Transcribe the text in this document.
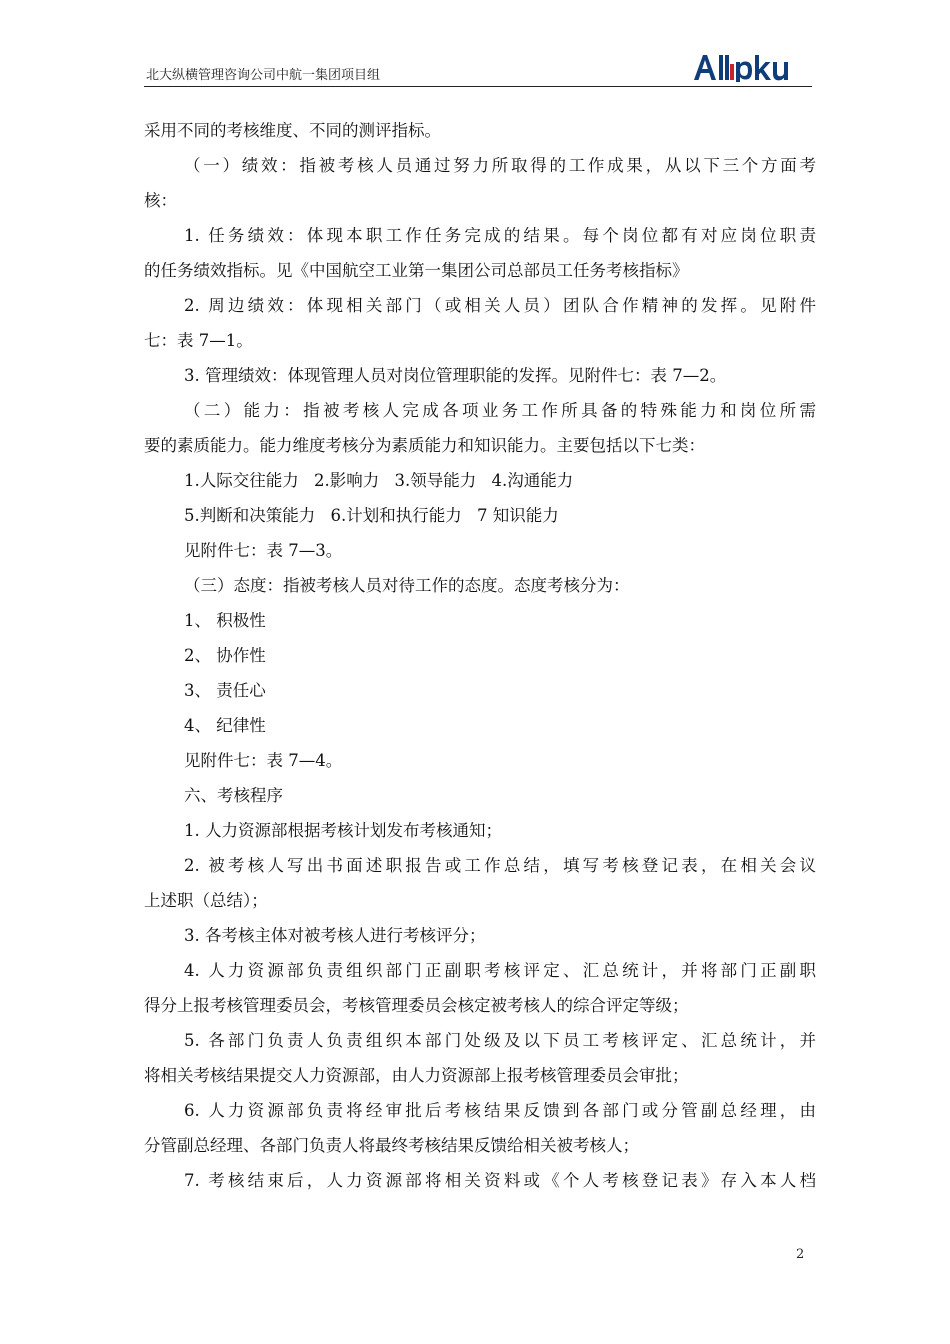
北大纵横管理咨询公司中航一集团项目组
采用不同的考核维度、不同的测评指标。
（一）绩效：指被考核人员通过努力所取得的工作成果，从以下三个方面考
核：
1. 任务绩效：体现本职工作任务完成的结果。每个岗位都有对应岗位职责
的任务绩效指标。见《中国航空工业第一集团公司总部员工任务考核指标》
2. 周边绩效：体现相关部门（或相关人员）团队合作精神的发挥。见附件
七：表 7—1。
3. 管理绩效：体现管理人员对岗位管理职能的发挥。见附件七：表 7—2。
（二）能力：指被考核人完成各项业务工作所具备的特殊能力和岗位所需
要的素质能力。能力维度考核分为素质能力和知识能力。主要包括以下七类：
1.人际交往能力 2.影响力 3.领导能力 4.沟通能力
5.判断和决策能力 6.计划和执行能力 7 知识能力
见附件七：表 7—3。
（三）态度：指被考核人员对待工作的态度。态度考核分为：
1、 积极性
2、 协作性
3、 责任心
4、 纪律性
见附件七：表 7—4。
六、考核程序
1. 人力资源部根据考核计划发布考核通知；
2. 被考核人写出书面述职报告或工作总结，填写考核登记表，在相关会议
上述职（总结）；
3. 各考核主体对被考核人进行考核评分；
4. 人力资源部负责组织部门正副职考核评定、汇总统计，并将部门正副职
得分上报考核管理委员会，考核管理委员会核定被考核人的综合评定等级；
5. 各部门负责人负责组织本部门处级及以下员工考核评定、汇总统计，并
将相关考核结果提交人力资源部，由人力资源部上报考核管理委员会审批；
6. 人力资源部负责将经审批后考核结果反馈到各部门或分管副总经理，由
分管副总经理、各部门负责人将最终考核结果反馈给相关被考核人；
7. 考核结束后，人力资源部将相关资料或《个人考核登记表》存入本人档
2
